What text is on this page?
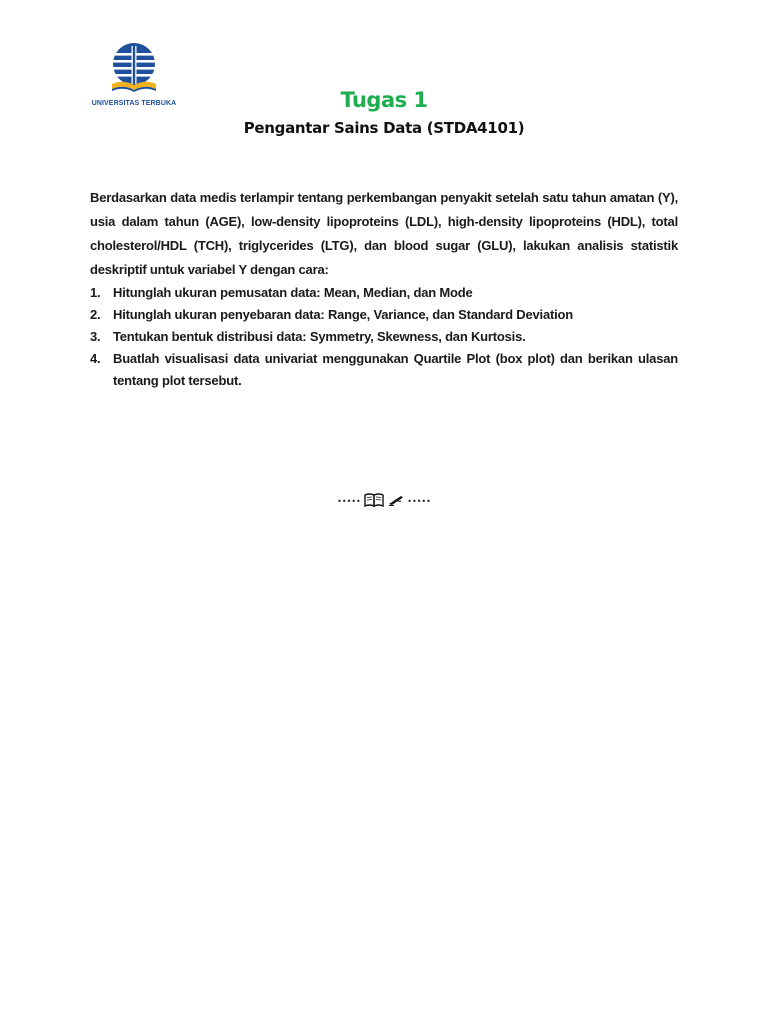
UNIVERSITAS TERBUKA	Tugas 1
Pengantar Sains Data (STDA4101)

Berdasarkan data medis terlampir tentang perkembangan penyakit setelah satu tahun amatan (Y), usia dalam tahun (AGE), low-density lipoproteins (LDL), high-density lipoproteins (HDL), total cholesterol/HDL (TCH), triglycerides (LTG), dan blood sugar (GLU), lakukan analisis statistik deskriptif untuk variabel Y dengan cara:

1. Hitunglah ukuran pemusatan data: Mean, Median, dan Mode
2. Hitunglah ukuran penyebaran data: Range, Variance, dan Standard Deviation
3. Tentukan bentuk distribusi data: Symmetry, Skewness, dan Kurtosis.
4. Buatlah visualisasi data univariat menggunakan Quartile Plot (box plot) dan berikan ulasan tentang plot tersebut.
•••••	•••••
